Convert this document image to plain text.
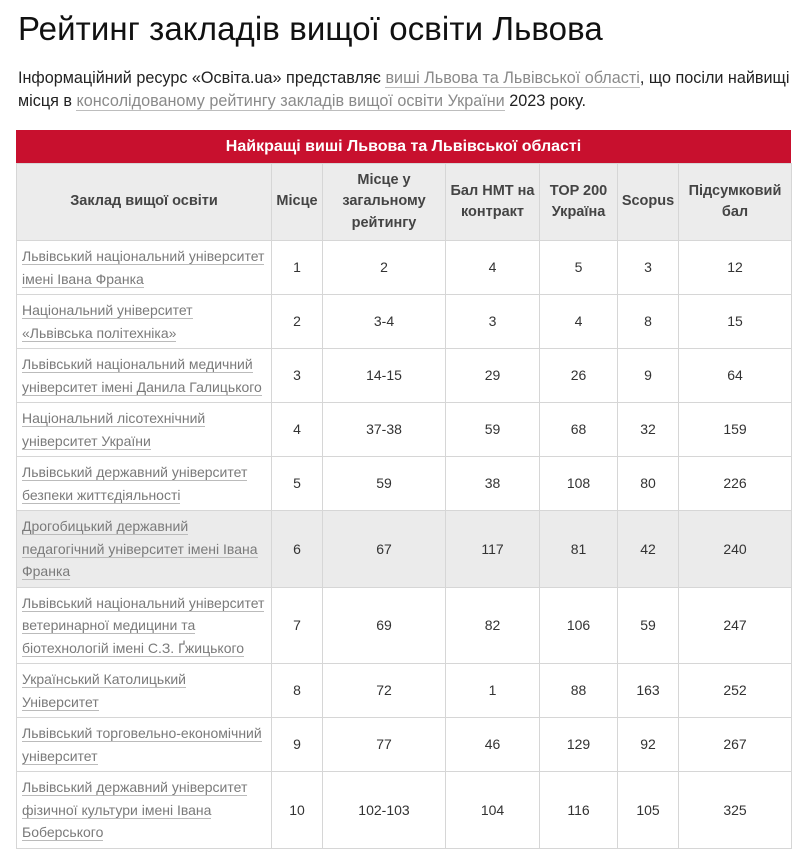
Рейтинг закладів вищої освіти Львова

Інформаційний ресурс «Освіта.ua» представляє виші Львова та Львівської області, що посіли найвищі місця в консолідованому рейтингу закладів вищої освіти України 2023 року.

Найкращі виші Львова та Львівської області
Заклад вищої освіти	Місце	Місце у загальному рейтингу	Бал НМТ на контракт	TOP 200 Україна	Scopus	Підсумковий бал
Львівський національний університет імені Івана Франка	1	2	4	5	3	12
Національний університет «Львівська політехніка»	2	3-4	3	4	8	15
Львівський національний медичний університет імені Данила Галицького	3	14-15	29	26	9	64
Національний лісотехнічний університет України	4	37-38	59	68	32	159
Львівський державний університет безпеки життєдіяльності	5	59	38	108	80	226
Дрогобицький державний педагогічний університет імені Івана Франка	6	67	117	81	42	240
Львівський національний університет ветеринарної медицини та біотехнологій імені С.З. Ґжицького	7	69	82	106	59	247
Український Католицький Університет	8	72	1	88	163	252
Львівський торговельно-економічний університет	9	77	46	129	92	267
Львівський державний університет фізичної культури імені Івана Боберського	10	102-103	104	116	105	325
